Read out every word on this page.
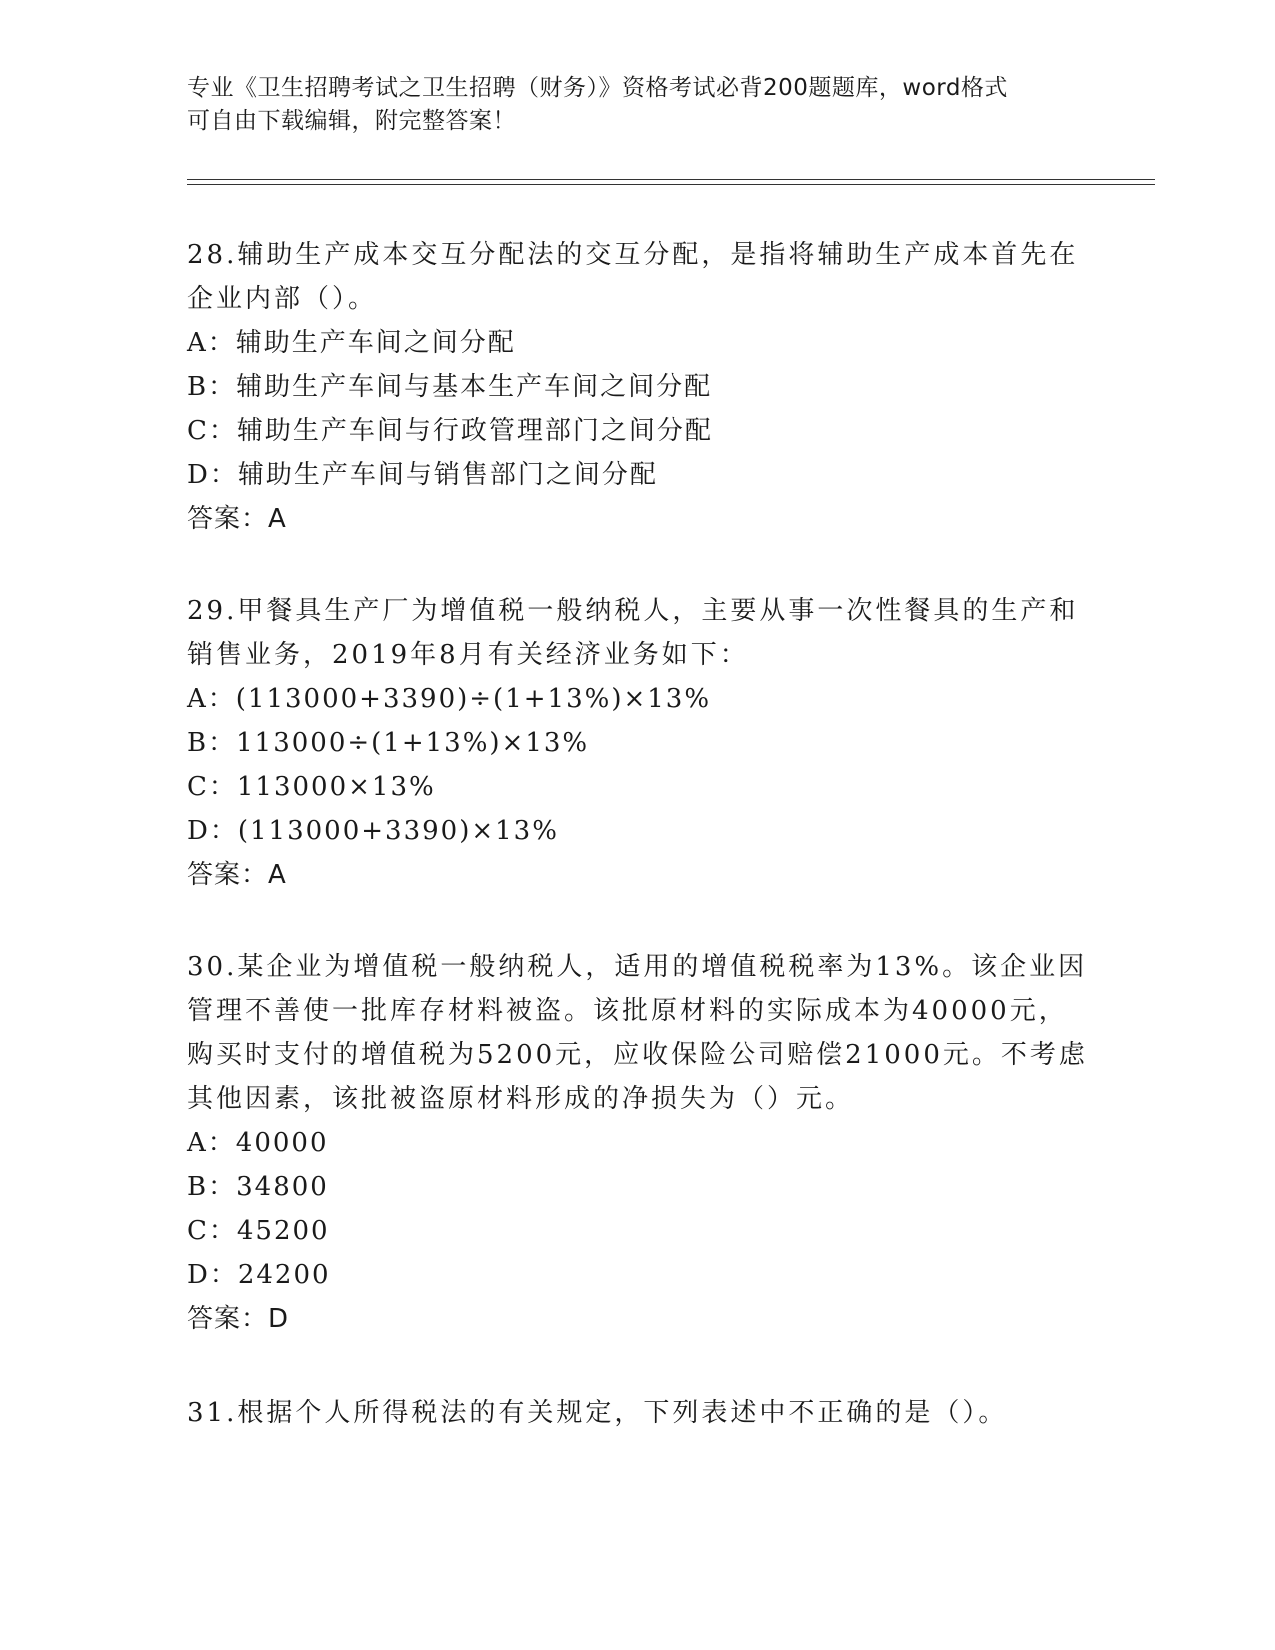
专业《卫生招聘考试之卫生招聘（财务）》资格考试必背200题题库，word格式
可自由下载编辑，附完整答案！
28.辅助生产成本交互分配法的交互分配，是指将辅助生产成本首先在
企业内部（）。
A：辅助生产车间之间分配
B：辅助生产车间与基本生产车间之间分配
C：辅助生产车间与行政管理部门之间分配
D：辅助生产车间与销售部门之间分配
答案：A
29.甲餐具生产厂为增值税一般纳税人，主要从事一次性餐具的生产和
销售业务，2019年8月有关经济业务如下：
A：(113000+3390)÷(1+13%)×13%
B：113000÷(1+13%)×13%
C：113000×13%
D：(113000+3390)×13%
答案：A
30.某企业为增值税一般纳税人，适用的增值税税率为13%。该企业因
管理不善使一批库存材料被盗。该批原材料的实际成本为40000元，
购买时支付的增值税为5200元，应收保险公司赔偿21000元。不考虑
其他因素，该批被盗原材料形成的净损失为（）元。
A：40000
B：34800
C：45200
D：24200
答案：D
31.根据个人所得税法的有关规定，下列表述中不正确的是（）。
